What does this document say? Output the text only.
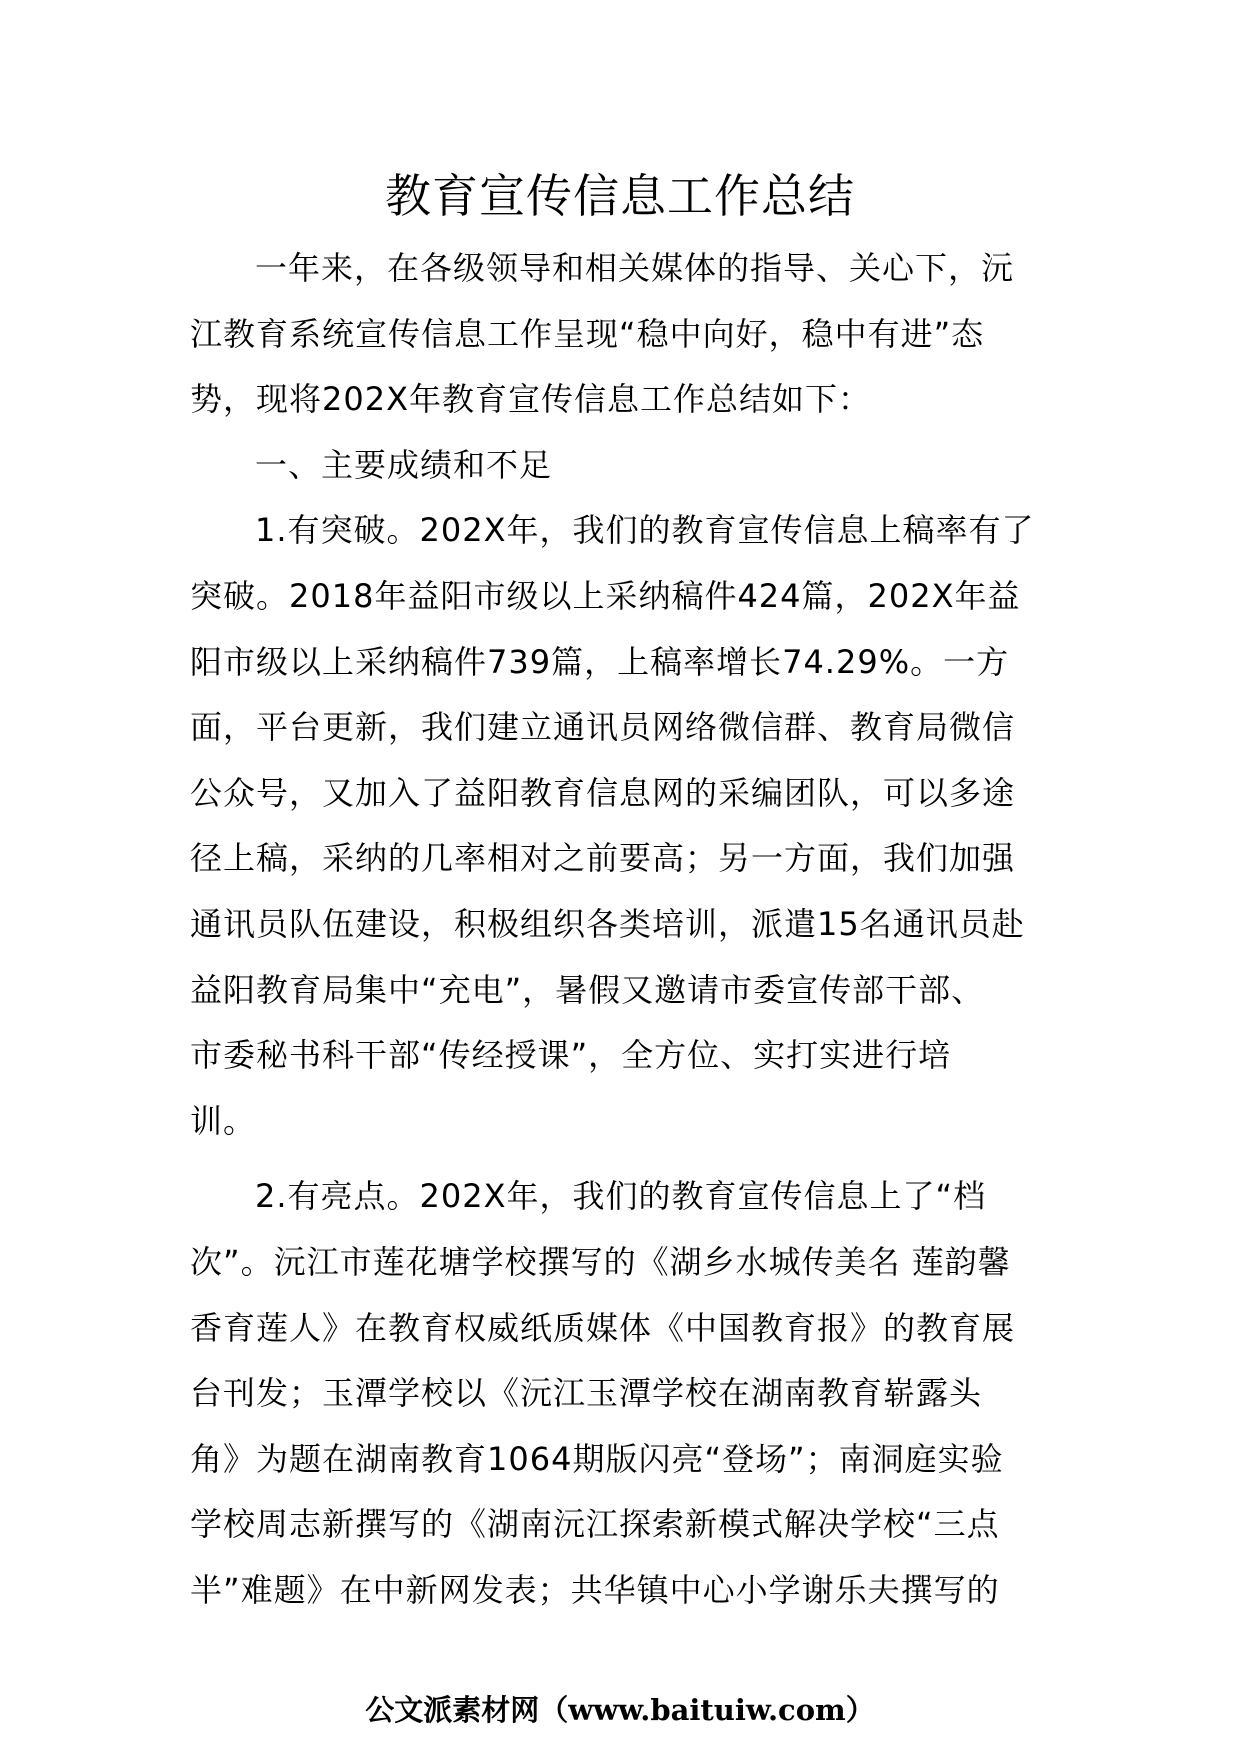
教育宣传信息工作总结
一年来，在各级领导和相关媒体的指导、关心下，沅
江教育系统宣传信息工作呈现“稳中向好，稳中有进”态
势，现将202X年教育宣传信息工作总结如下：
一、主要成绩和不足
1.有突破。202X年，我们的教育宣传信息上稿率有了
突破。2018年益阳市级以上采纳稿件424篇，202X年益
阳市级以上采纳稿件739篇，上稿率增长74.29%。一方
面，平台更新，我们建立通讯员网络微信群、教育局微信
公众号，又加入了益阳教育信息网的采编团队，可以多途
径上稿，采纳的几率相对之前要高；另一方面，我们加强
通讯员队伍建设，积极组织各类培训，派遣15名通讯员赴
益阳教育局集中“充电”，暑假又邀请市委宣传部干部、
市委秘书科干部“传经授课”，全方位、实打实进行培
训。
2.有亮点。202X年，我们的教育宣传信息上了“档
次”。沅江市莲花塘学校撰写的《湖乡水城传美名 莲韵馨
香育莲人》在教育权威纸质媒体《中国教育报》的教育展
台刊发；玉潭学校以《沅江玉潭学校在湖南教育崭露头
角》为题在湖南教育1064期版闪亮“登场”；南洞庭实验
学校周志新撰写的《湖南沅江探索新模式解决学校“三点
半”难题》在中新网发表；共华镇中心小学谢乐夫撰写的
公文派素材网（www.baituiw.com）
